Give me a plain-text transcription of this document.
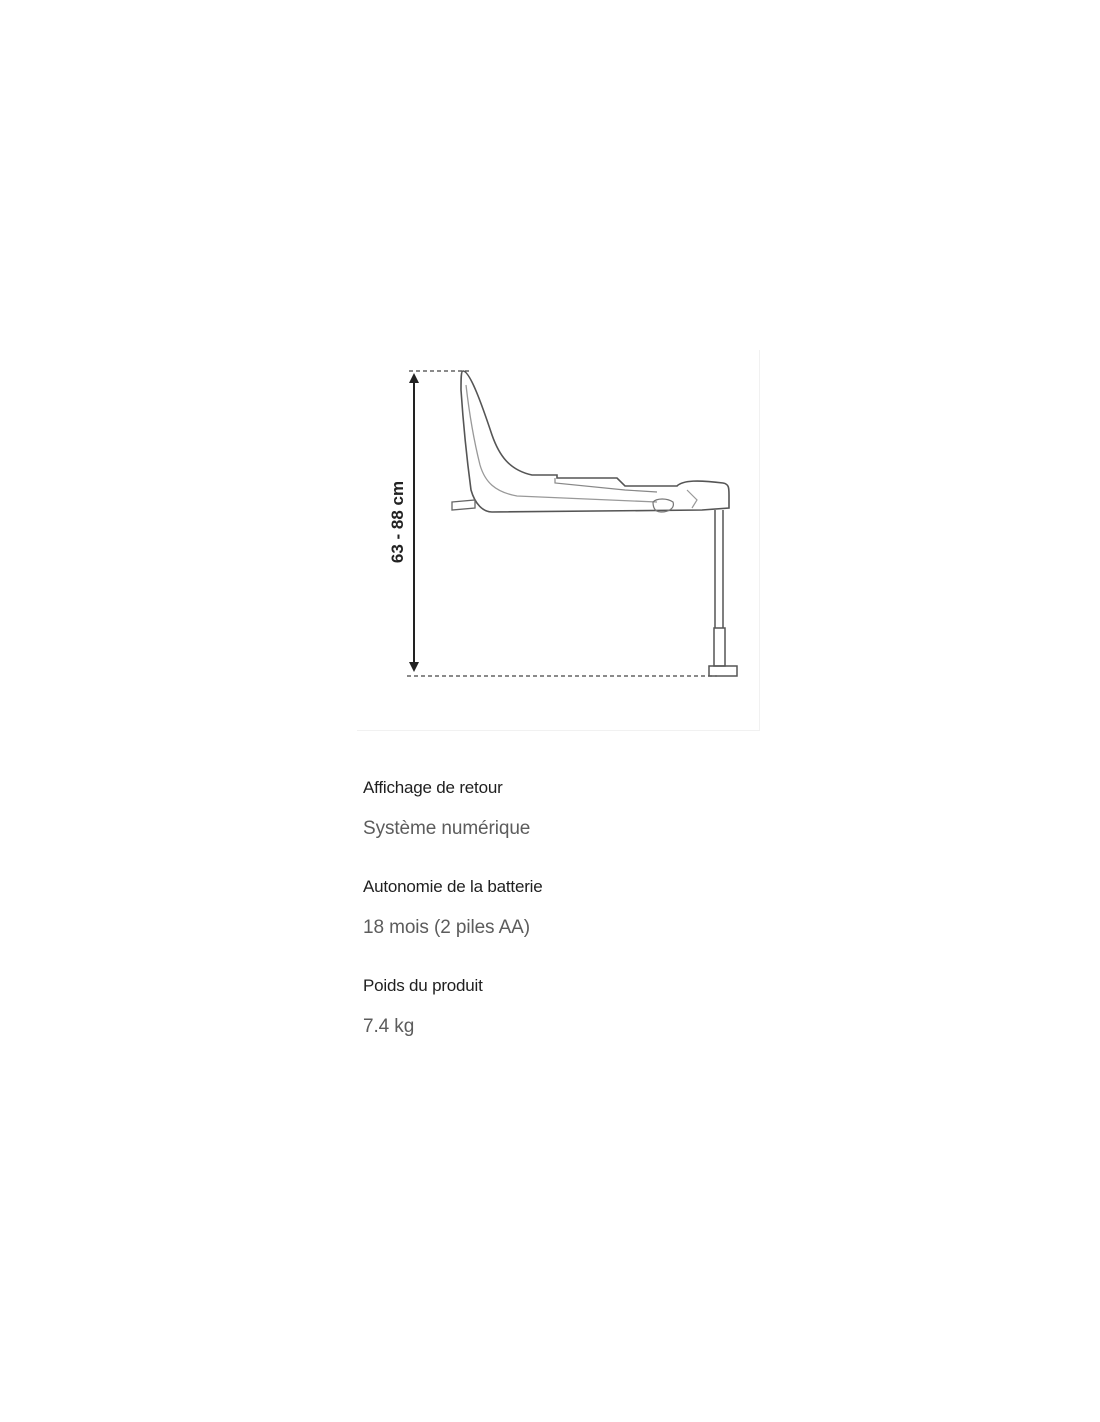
63 - 88 cm
Affichage de retour
Système numérique
Autonomie de la batterie
18 mois (2 piles AA)
Poids du produit
7.4 kg
